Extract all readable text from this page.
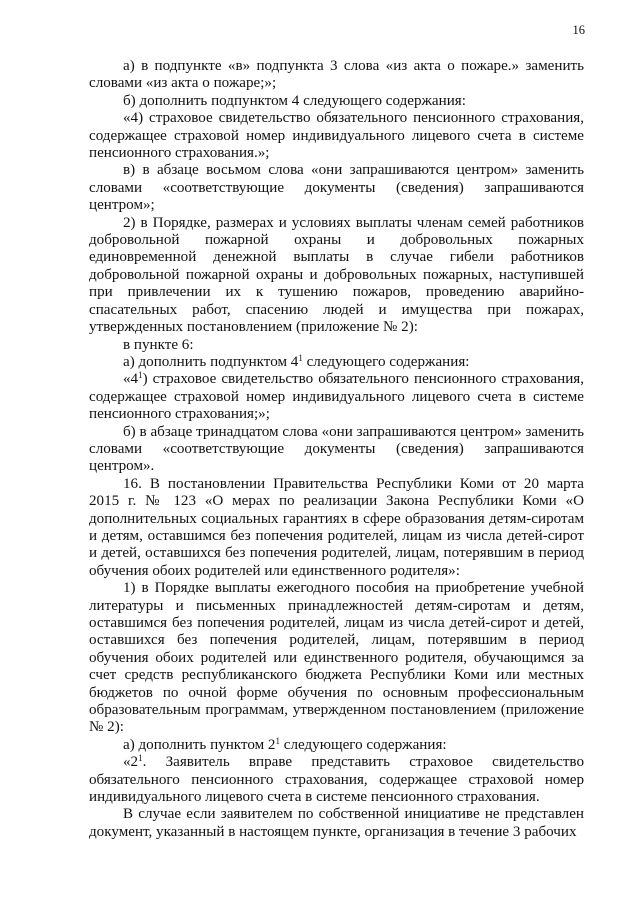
16

а) в подпункте «в» подпункта 3 слова «из акта о пожаре.» заменить словами «из акта о пожаре;»;

б) дополнить подпунктом 4 следующего содержания:

«4) страховое свидетельство обязательного пенсионного страхования, содержащее страховой номер индивидуального лицевого счета в системе пенсионного страхования.»;

в) в абзаце восьмом слова «они запрашиваются центром» заменить словами «соответствующие документы (сведения) запрашиваются центром»;

2) в Порядке, размерах и условиях выплаты членам семей работников добровольной пожарной охраны и добровольных пожарных единовременной денежной выплаты в случае гибели работников добровольной пожарной охраны и добровольных пожарных, наступившей при привлечении их к тушению пожаров, проведению аварийно-спасательных работ, спасению людей и имущества при пожарах, утвержденных постановлением (приложение № 2):

в пункте 6:

а) дополнить подпунктом $4^1$ следующего содержания:

«$4^1$) страховое свидетельство обязательного пенсионного страхования, содержащее страховой номер индивидуального лицевого счета в системе пенсионного страхования;»;

б) в абзаце тринадцатом слова «они запрашиваются центром» заменить словами «соответствующие документы (сведения) запрашиваются центром».

16. В постановлении Правительства Республики Коми от 20 марта 2015 г. № 123 «О мерах по реализации Закона Республики Коми «О дополнительных социальных гарантиях в сфере образования детям-сиротам и детям, оставшимся без попечения родителей, лицам из числа детей-сирот и детей, оставшихся без попечения родителей, лицам, потерявшим в период обучения обоих родителей или единственного родителя»:

1) в Порядке выплаты ежегодного пособия на приобретение учебной литературы и письменных принадлежностей детям-сиротам и детям, оставшимся без попечения родителей, лицам из числа детей-сирот и детей, оставшихся без попечения родителей, лицам, потерявшим в период обучения обоих родителей или единственного родителя, обучающимся за счет средств республиканского бюджета Республики Коми или местных бюджетов по очной форме обучения по основным профессиональным образовательным программам, утвержденном постановлением (приложение № 2):

а) дополнить пунктом $2^1$ следующего содержания:

«$2^1$. Заявитель вправе представить страховое свидетельство обязательного пенсионного страхования, содержащее страховой номер индивидуального лицевого счета в системе пенсионного страхования.

В случае если заявителем по собственной инициативе не представлен документ, указанный в настоящем пункте, организация в течение 3 рабочих
